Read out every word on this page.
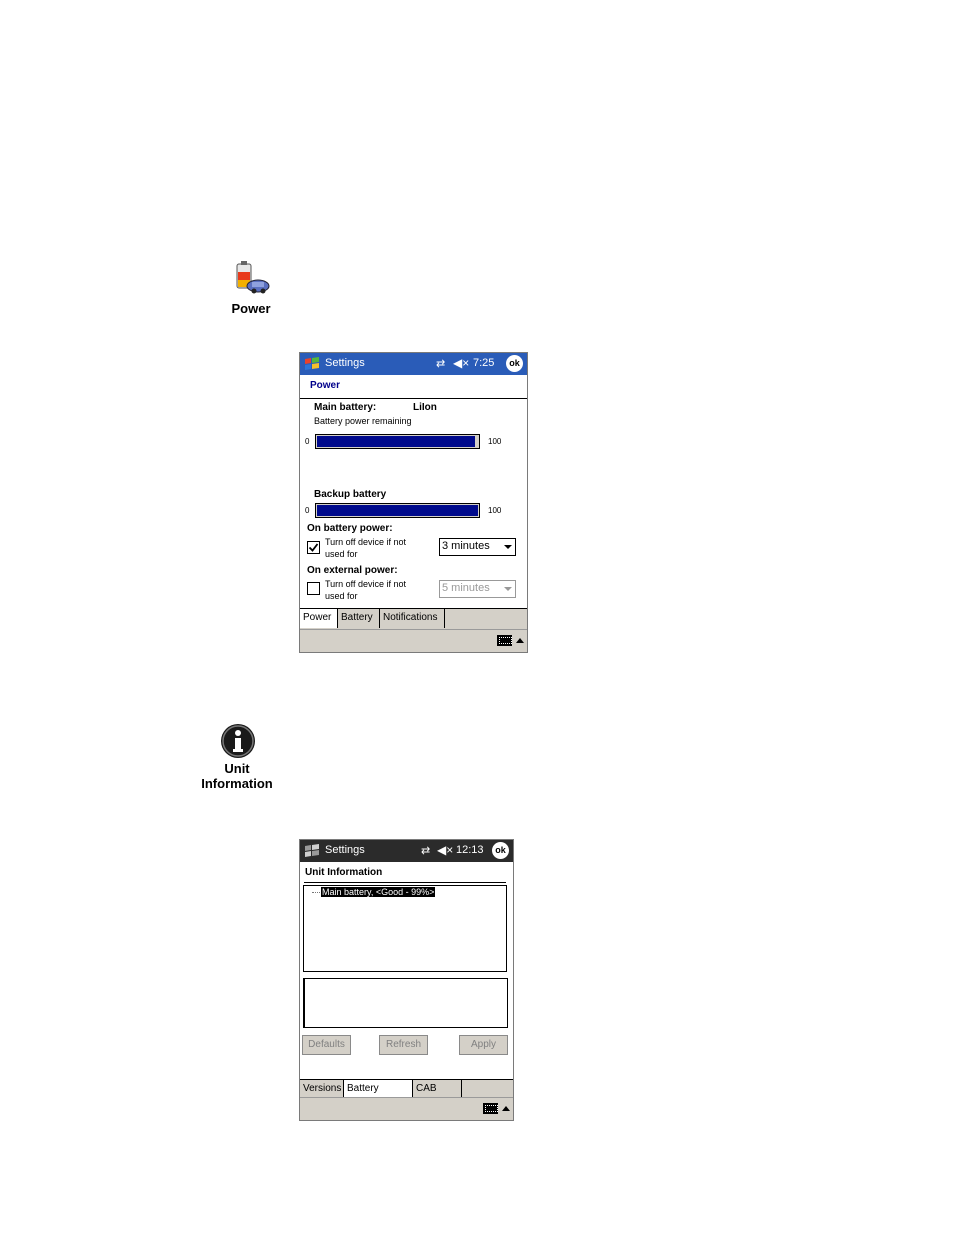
Power
Settings	⇄ ◀× 7:25	ok
Power
Main battery:	LiIon
Battery power remaining
0	100
Backup battery
0	100
On battery power:
Turn off device if not
used for
3 minutes
On external power:
Turn off device if not
used for
5 minutes
Power Battery	Notifications
Unit
Information
Settings	⇄ ◀× 12:13	ok
Unit Information
Main battery, <Good - 99%>
Defaults	Refresh	Apply
Versions Battery	CAB
